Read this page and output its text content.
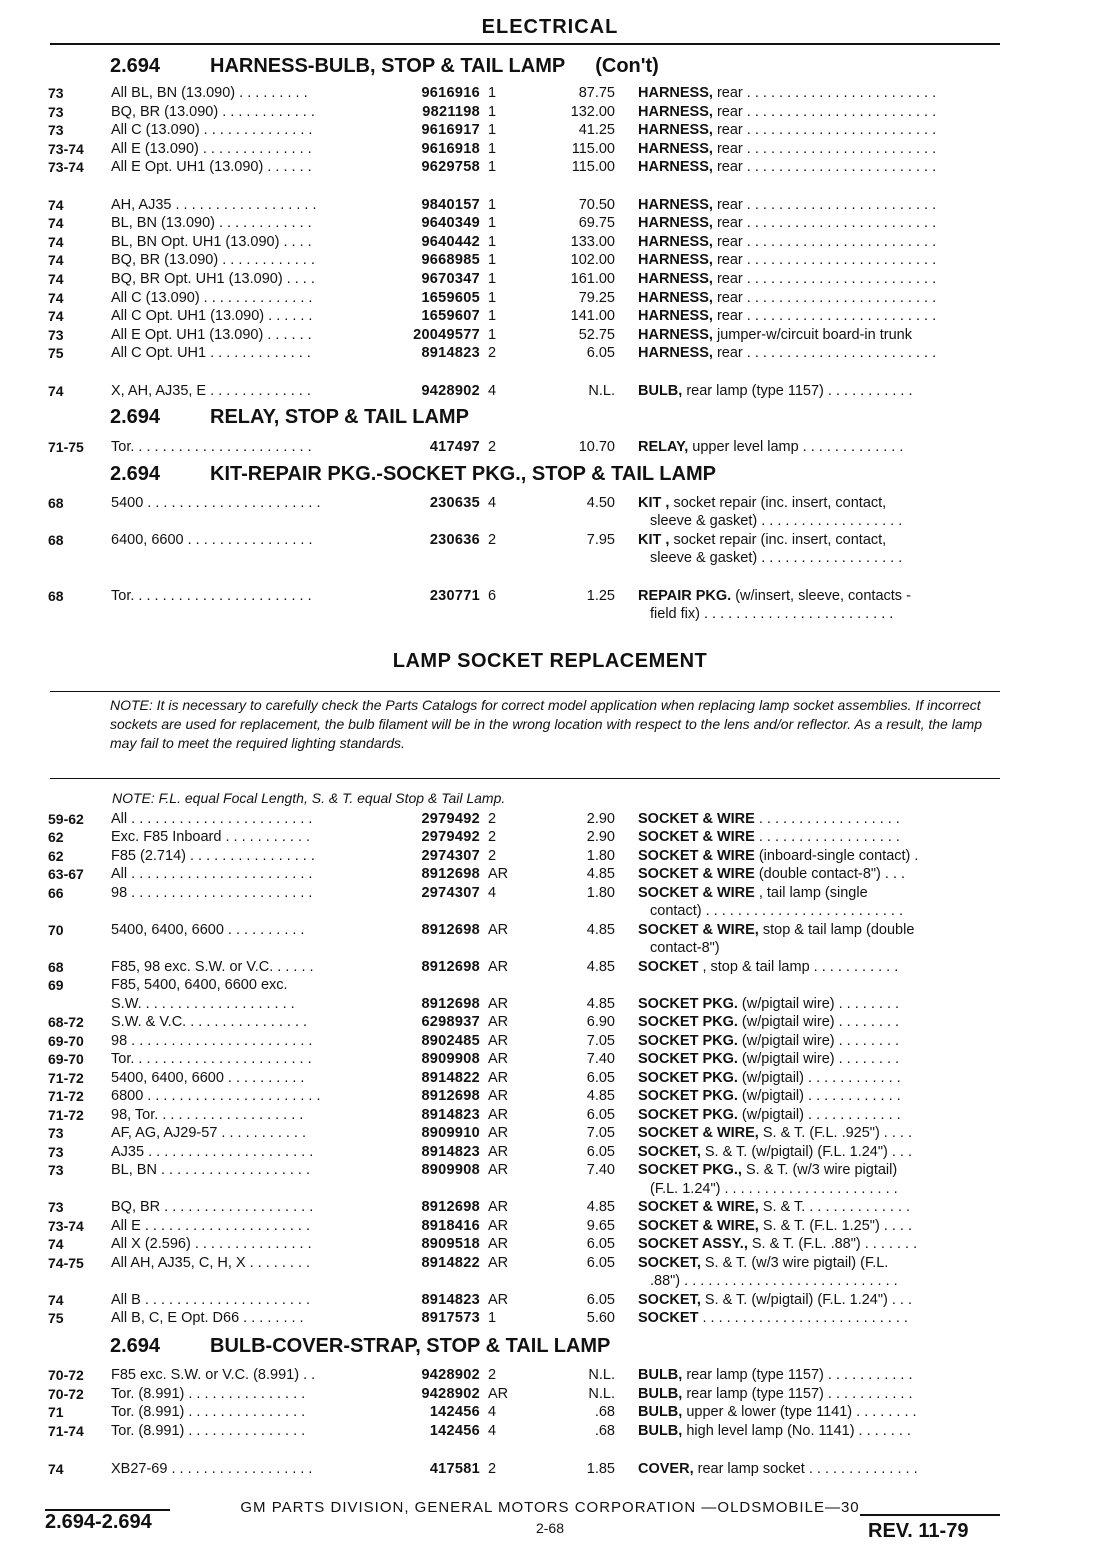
ELECTRICAL
2.694 HARNESS-BULB, STOP & TAIL LAMP (Con't)
73	All BL, BN (13.090) . . . . . . . . .	9616916 1	87.75 HARNESS, rear . . . . . . . . . . . . . . . . . . . . . . . .
73	BQ, BR (13.090) . . . . . . . . . . . .	9821198 1	132.00 HARNESS, rear . . . . . . . . . . . . . . . . . . . . . . . .
73	All C (13.090) . . . . . . . . . . . . . .	9616917 1	41.25 HARNESS, rear . . . . . . . . . . . . . . . . . . . . . . . .
73-74	All E (13.090) . . . . . . . . . . . . . .	9616918 1	115.00 HARNESS, rear . . . . . . . . . . . . . . . . . . . . . . . .
73-74	All E Opt. UH1 (13.090) . . . . . .	9629758 1	115.00 HARNESS, rear . . . . . . . . . . . . . . . . . . . . . . . .
74	AH, AJ35 . . . . . . . . . . . . . . . . . .	9840157 1	70.50 HARNESS, rear . . . . . . . . . . . . . . . . . . . . . . . .
74	BL, BN (13.090) . . . . . . . . . . . .	9640349 1	69.75 HARNESS, rear . . . . . . . . . . . . . . . . . . . . . . . .
74	BL, BN Opt. UH1 (13.090) . . . .	9640442 1	133.00 HARNESS, rear . . . . . . . . . . . . . . . . . . . . . . . .
74	BQ, BR (13.090) . . . . . . . . . . . .	9668985 1	102.00 HARNESS, rear . . . . . . . . . . . . . . . . . . . . . . . .
74	BQ, BR Opt. UH1 (13.090) . . . .	9670347 1	161.00 HARNESS, rear . . . . . . . . . . . . . . . . . . . . . . . .
74	All C (13.090) . . . . . . . . . . . . . .	1659605 1	79.25 HARNESS, rear . . . . . . . . . . . . . . . . . . . . . . . .
74	All C Opt. UH1 (13.090) . . . . . .	1659607 1	141.00 HARNESS, rear . . . . . . . . . . . . . . . . . . . . . . . .
73	All E Opt. UH1 (13.090) . . . . . .	20049577 1	52.75 HARNESS, jumper-w/circuit board-in trunk
75	All C Opt. UH1 . . . . . . . . . . . . .	8914823 2	6.05 HARNESS, rear . . . . . . . . . . . . . . . . . . . . . . . .
74	X, AH, AJ35, E . . . . . . . . . . . . .	9428902 4	N.L. BULB, rear lamp (type 1157) . . . . . . . . . . .
2.694 RELAY, STOP & TAIL LAMP
71-75	Tor. . . . . . . . . . . . . . . . . . . . . . .	417497 2	10.70 RELAY, upper level lamp . . . . . . . . . . . . .
2.694 KIT-REPAIR PKG.-SOCKET PKG., STOP & TAIL LAMP
68	5400 . . . . . . . . . . . . . . . . . . . . . .	230635 4	4.50 KIT , socket repair (inc. insert, contact,
sleeve & gasket) . . . . . . . . . . . . . . . . . .
68	6400, 6600 . . . . . . . . . . . . . . . .	230636 2	7.95 KIT , socket repair (inc. insert, contact,
sleeve & gasket) . . . . . . . . . . . . . . . . . .
68	Tor. . . . . . . . . . . . . . . . . . . . . . .	230771 6	1.25 REPAIR PKG. (w/insert, sleeve, contacts -
field fix) . . . . . . . . . . . . . . . . . . . . . . . .
LAMP SOCKET REPLACEMENT
NOTE: It is necessary to carefully check the Parts Catalogs for correct model application when replacing lamp socket assemblies. If incorrect sockets are used for replacement, the bulb filament will be in the wrong location with respect to the lens and/or reflector. As a result, the lamp may fail to meet the required lighting standards.
NOTE: F.L. equal Focal Length, S. & T. equal Stop & Tail Lamp.
59-62	All . . . . . . . . . . . . . . . . . . . . . . .	2979492 2	2.90 SOCKET & WIRE . . . . . . . . . . . . . . . . . .
62	Exc. F85 Inboard . . . . . . . . . . .	2979492 2	2.90 SOCKET & WIRE . . . . . . . . . . . . . . . . . .
62	F85 (2.714) . . . . . . . . . . . . . . . .	2974307 2	1.80 SOCKET & WIRE (inboard-single contact) .
63-67	All . . . . . . . . . . . . . . . . . . . . . . .	8912698 AR	4.85 SOCKET & WIRE (double contact-8") . . .
66	98 . . . . . . . . . . . . . . . . . . . . . . .	2974307 4	1.80 SOCKET & WIRE , tail lamp (single
contact) . . . . . . . . . . . . . . . . . . . . . . . . .
70	5400, 6400, 6600 . . . . . . . . . .	8912698 AR	4.85 SOCKET & WIRE, stop & tail lamp (double
contact-8")
68	F85, 98 exc. S.W. or V.C. . . . . .	8912698 AR	4.85 SOCKET , stop & tail lamp . . . . . . . . . . .
69	F85, 5400, 6400, 6600 exc.
S.W. . . . . . . . . . . . . . . . . . . .	8912698 AR	4.85 SOCKET PKG. (w/pigtail wire) . . . . . . . .
68-72	S.W. & V.C. . . . . . . . . . . . . . . .	6298937 AR	6.90 SOCKET PKG. (w/pigtail wire) . . . . . . . .
69-70	98 . . . . . . . . . . . . . . . . . . . . . . .	8902485 AR	7.05 SOCKET PKG. (w/pigtail wire) . . . . . . . .
69-70	Tor. . . . . . . . . . . . . . . . . . . . . . .	8909908 AR	7.40 SOCKET PKG. (w/pigtail wire) . . . . . . . .
71-72	5400, 6400, 6600 . . . . . . . . . .	8914822 AR	6.05 SOCKET PKG. (w/pigtail) . . . . . . . . . . . .
71-72	6800 . . . . . . . . . . . . . . . . . . . . . .	8912698 AR	4.85 SOCKET PKG. (w/pigtail) . . . . . . . . . . . .
71-72	98, Tor. . . . . . . . . . . . . . . . . . .	8914823 AR	6.05 SOCKET PKG. (w/pigtail) . . . . . . . . . . . .
73	AF, AG, AJ29-57 . . . . . . . . . . .	8909910 AR	7.05 SOCKET & WIRE, S. & T. (F.L. .925") . . . .
73	AJ35 . . . . . . . . . . . . . . . . . . . . .	8914823 AR	6.05 SOCKET, S. & T. (w/pigtail) (F.L. 1.24") . . .
73	BL, BN . . . . . . . . . . . . . . . . . . .	8909908 AR	7.40 SOCKET PKG., S. & T. (w/3 wire pigtail)
(F.L. 1.24") . . . . . . . . . . . . . . . . . . . . . .
73	BQ, BR . . . . . . . . . . . . . . . . . . .	8912698 AR	4.85 SOCKET & WIRE, S. & T. . . . . . . . . . . . . .
73-74	All E . . . . . . . . . . . . . . . . . . . . .	8918416 AR	9.65 SOCKET & WIRE, S. & T. (F.L. 1.25") . . . .
74	All X (2.596) . . . . . . . . . . . . . . .	8909518 AR	6.05 SOCKET ASSY., S. & T. (F.L. .88") . . . . . . .
74-75	All AH, AJ35, C, H, X . . . . . . . .	8914822 AR	6.05 SOCKET, S. & T. (w/3 wire pigtail) (F.L.
.88") . . . . . . . . . . . . . . . . . . . . . . . . . . .
74	All B . . . . . . . . . . . . . . . . . . . . .	8914823 AR	6.05 SOCKET, S. & T. (w/pigtail) (F.L. 1.24") . . .
75	All B, C, E Opt. D66 . . . . . . . .	8917573 1	5.60 SOCKET . . . . . . . . . . . . . . . . . . . . . . . . . .
2.694 BULB-COVER-STRAP, STOP & TAIL LAMP
70-72	F85 exc. S.W. or V.C. (8.991) . .	9428902 2	N.L. BULB, rear lamp (type 1157) . . . . . . . . . . .
70-72	Tor. (8.991) . . . . . . . . . . . . . . .	9428902 AR	N.L. BULB, rear lamp (type 1157) . . . . . . . . . . .
71	Tor. (8.991) . . . . . . . . . . . . . . .	142456 4	.68 BULB, upper & lower (type 1141) . . . . . . . .
71-74	Tor. (8.991) . . . . . . . . . . . . . . .	142456 4	.68 BULB, high level lamp (No. 1141) . . . . . . .
74	XB27-69 . . . . . . . . . . . . . . . . . .	417581 2	1.85 COVER, rear lamp socket . . . . . . . . . . . . . .
2.694-2.694
GM PARTS DIVISION, GENERAL MOTORS CORPORATION —OLDSMOBILE—30
2-68	REV. 11-79
